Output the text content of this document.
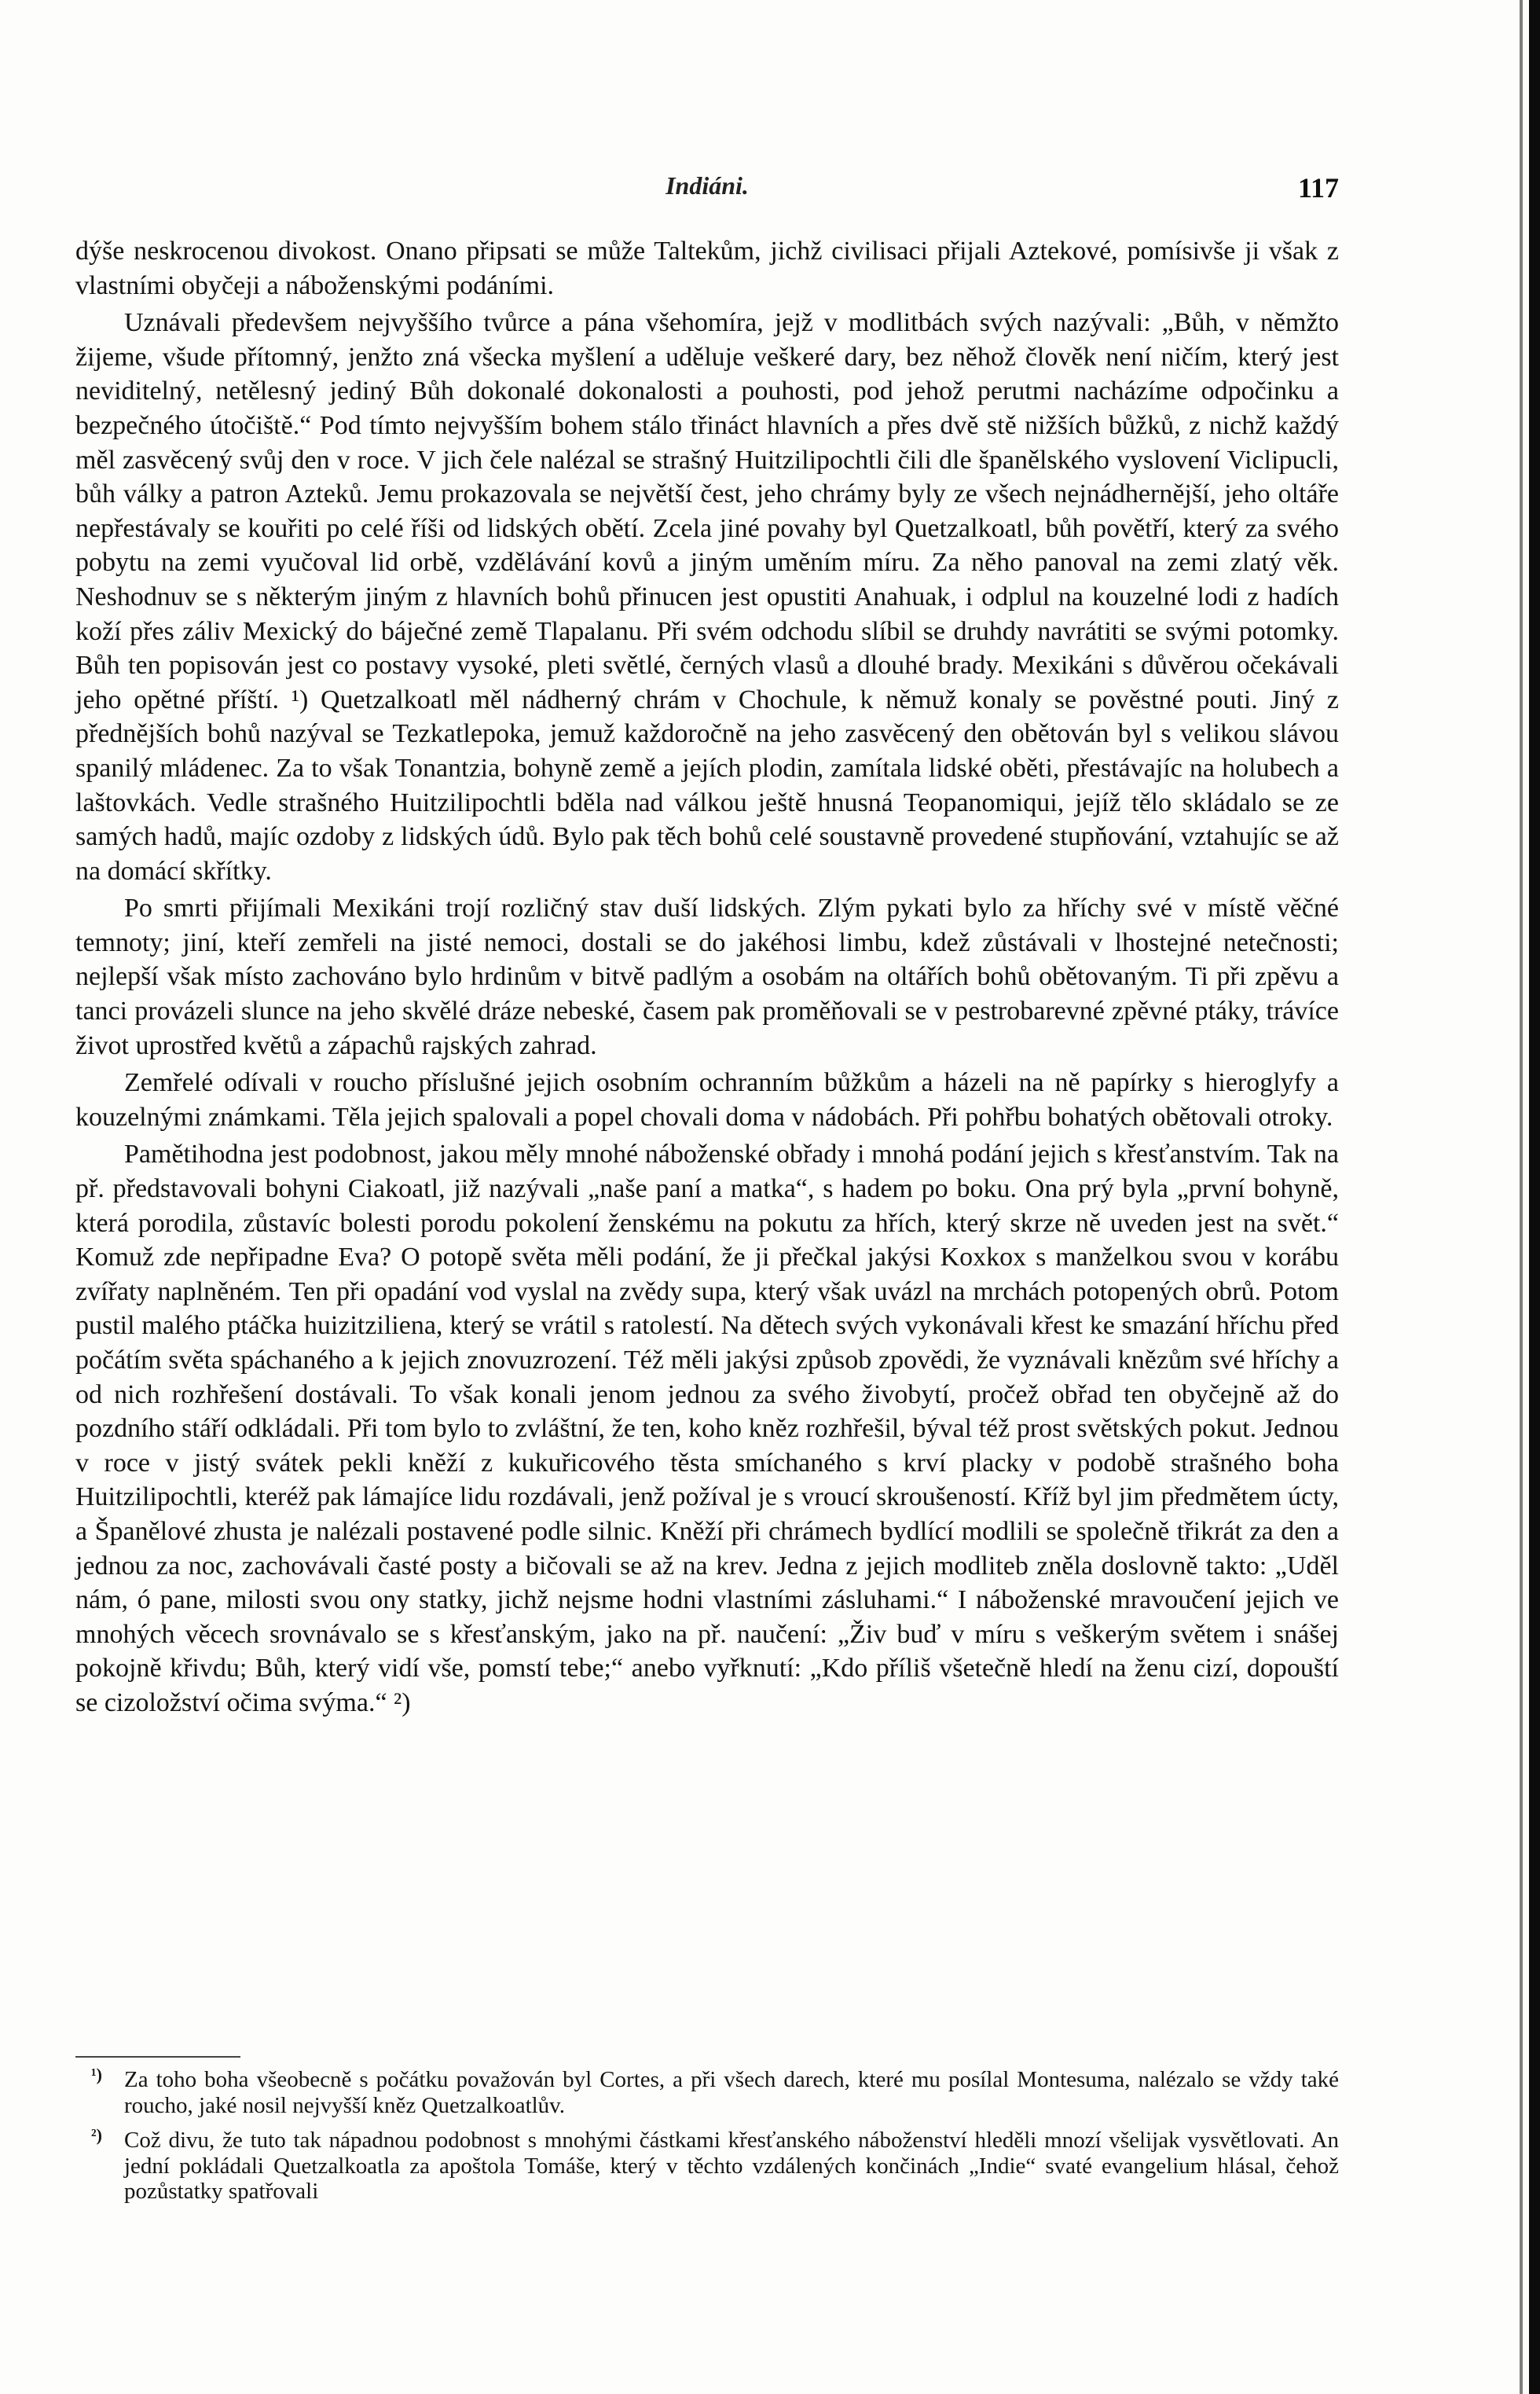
Indiáni.	117

dýše neskrocenou divokost. Onano připsati se může Taltekům, jichž civilisaci přijali Aztekové, pomísivše ji však z vlastními obyčeji a náboženskými podáními.

Uznávali předevšem nejvyššího tvůrce a pána všehomíra, jejž v modlitbách svých nazývali: „Bůh, v němžto žijeme, všude přítomný, jenžto zná všecka myšlení a uděluje veškeré dary, bez něhož člověk není ničím, který jest neviditelný, netělesný jediný Bůh dokonalé dokonalosti a pouhosti, pod jehož perutmi nacházíme odpočinku a bezpečného útočiště.“ Pod tímto nejvyšším bohem stálo třináct hlavních a přes dvě stě nižších bůžků, z nichž každý měl zasvěcený svůj den v roce. V jich čele nalézal se strašný Huitzilipochtli čili dle španělského vyslovení Viclipucli, bůh války a patron Azteků. Jemu prokazovala se největší čest, jeho chrámy byly ze všech nejnádhernější, jeho oltáře nepřestávaly se kouřiti po celé říši od lidských obětí. Zcela jiné povahy byl Quetzalkoatl, bůh povětří, který za svého pobytu na zemi vyučoval lid orbě, vzdělávání kovů a jiným uměním míru. Za něho panoval na zemi zlatý věk. Neshodnuv se s některým jiným z hlavních bohů přinucen jest opustiti Anahuak, i odplul na kouzelné lodi z hadích koží přes záliv Mexický do báječné země Tlapalanu. Při svém odchodu slíbil se druhdy navrátiti se svými potomky. Bůh ten popisován jest co postavy vysoké, pleti světlé, černých vlasů a dlouhé brady. Mexikáni s důvěrou očekávali jeho opětné příští. ¹) Quetzalkoatl měl nádherný chrám v Chochule, k němuž konaly se pověstné pouti. Jiný z přednějších bohů nazýval se Tezkatlepoka, jemuž každoročně na jeho zasvěcený den obětován byl s velikou slávou spanilý mládenec. Za to však Tonantzia, bohyně země a jejích plodin, zamítala lidské oběti, přestávajíc na holubech a laštovkách. Vedle strašného Huitzilipochtli bděla nad válkou ještě hnusná Teopanomiqui, jejíž tělo skládalo se ze samých hadů, majíc ozdoby z lidských údů. Bylo pak těch bohů celé soustavně provedené stupňování, vztahujíc se až na domácí skřítky.

Po smrti přijímali Mexikáni trojí rozličný stav duší lidských. Zlým pykati bylo za hříchy své v místě věčné temnoty; jiní, kteří zemřeli na jisté nemoci, dostali se do jakéhosi limbu, kdež zůstávali v lhostejné netečnosti; nejlepší však místo zachováno bylo hrdinům v bitvě padlým a osobám na oltářích bohů obětovaným. Ti při zpěvu a tanci provázeli slunce na jeho skvělé dráze nebeské, časem pak proměňovali se v pestrobarevné zpěvné ptáky, trávíce život uprostřed květů a zápachů rajských zahrad.

Zemřelé odívali v roucho příslušné jejich osobním ochranním bůžkům a házeli na ně papírky s hieroglyfy a kouzelnými známkami. Těla jejich spalovali a popel chovali doma v nádobách. Při pohřbu bohatých obětovali otroky.

Pamětihodna jest podobnost, jakou měly mnohé náboženské obřady i mnohá podání jejich s křesťanstvím. Tak na př. představovali bohyni Ciakoatl, již nazývali „naše paní a matka“, s hadem po boku. Ona prý byla „první bohyně, která porodila, zůstavíc bolesti porodu pokolení ženskému na pokutu za hřích, který skrze ně uveden jest na svět.“ Komuž zde nepřipadne Eva? O potopě světa měli podání, že ji přečkal jakýsi Koxkox s manželkou svou v korábu zvířaty naplněném. Ten při opadání vod vyslal na zvědy supa, který však uvázl na mrchách potopených obrů. Potom pustil malého ptáčka huizitziliena, který se vrátil s ratolestí. Na dětech svých vykonávali křest ke smazání hříchu před počátím světa spáchaného a k jejich znovuzrození. Též měli jakýsi způsob zpovědi, že vyznávali knězům své hříchy a od nich rozhřešení dostávali. To však konali jenom jednou za svého živobytí, pročež obřad ten obyčejně až do pozdního stáří odkládali. Při tom bylo to zvláštní, že ten, koho kněz rozhřešil, býval též prost světských pokut. Jednou v roce v jistý svátek pekli kněží z kukuřicového těsta smíchaného s krví placky v podobě strašného boha Huitzilipochtli, kteréž pak lámajíce lidu rozdávali, jenž požíval je s vroucí skroušeností. Kříž byl jim předmětem úcty, a Španělové zhusta je nalézali postavené podle silnic. Kněží při chrámech bydlící modlili se společně třikrát za den a jednou za noc, zachovávali časté posty a bičovali se až na krev. Jedna z jejich modliteb zněla doslovně takto: „Uděl nám, ó pane, milosti svou ony statky, jichž nejsme hodni vlastními zásluhami.“ I náboženské mravoučení jejich ve mnohých věcech srovnávalo se s křesťanským, jako na př. naučení: „Živ buď v míru s veškerým světem i snášej pokojně křivdu; Bůh, který vidí vše, pomstí tebe;“ anebo vyřknutí: „Kdo příliš všetečně hledí na ženu cizí, dopouští se cizoložství očima svýma.“ ²)

¹) Za toho boha všeobecně s počátku považován byl Cortes, a při všech darech, které mu posílal Montesuma, nalézalo se vždy také roucho, jaké nosil nejvyšší kněz Quetzalkoatlův.
²) Což divu, že tuto tak nápadnou podobnost s mnohými částkami křesťanského náboženství hleděli mnozí všelijak vysvětlovati. An jední pokládali Quetzalkoatla za apoštola Tomáše, který v těchto vzdálených končinách „Indie“ svaté evangelium hlásal, čehož pozůstatky spatřovali
